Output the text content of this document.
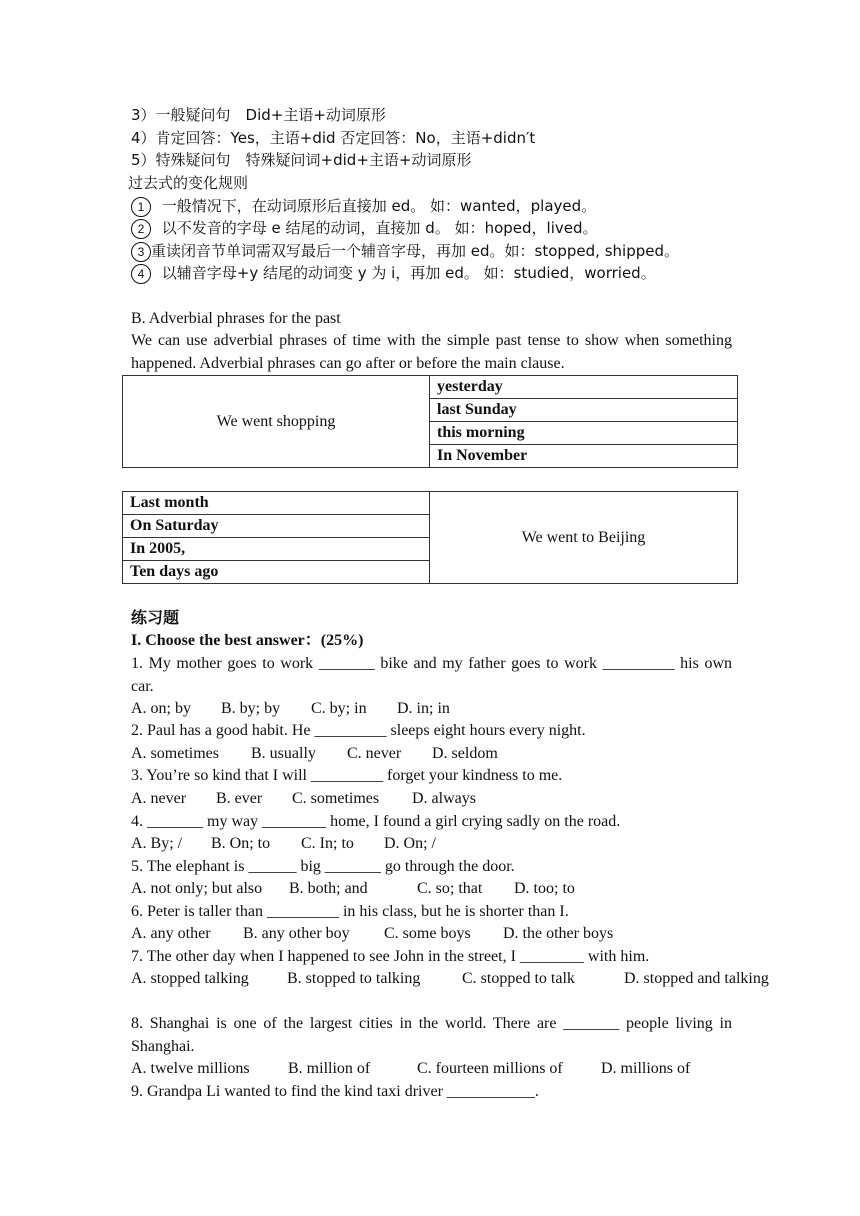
3）一般疑问句　Did+主语+动词原形
4）肯定回答：Yes，主语+did 否定回答：No，主语+didn′t
5）特殊疑问句　特殊疑问词+did+主语+动词原形
过去式的变化规则
1 一般情况下，在动词原形后直接加 ed。 如：wanted，played。
2 以不发音的字母 e 结尾的动词，直接加 d。 如：hoped，lived。
3 重读闭音节单词需双写最后一个辅音字母，再加 ed。如：stopped, shipped。
4 以辅音字母+y 结尾的动词变 y 为 i，再加 ed。 如：studied，worried。
B. Adverbial phrases for the past
We can use adverbial phrases of time with the simple past tense to show when something happened. Adverbial phrases can go after or before the main clause.
We went shopping	yesterday
last Sunday
this morning
In November
Last month	We went to Beijing
On Saturday
In 2005,
Ten days ago
练习题
I. Choose the best answer：(25%)
1. My mother goes to work _______ bike and my father goes to work _________ his own car.
A. on; by B. by; by C. by; in D. in; in
2. Paul has a good habit. He _________ sleeps eight hours every night.
A. sometimes B. usually C. never D. seldom
3. You’re so kind that I will _________ forget your kindness to me.
A. never B. ever C. sometimes D. always
4. _______ my way ________ home, I found a girl crying sadly on the road.
A. By; / B. On; to C. In; to D. On; /
5. The elephant is ______ big _______ go through the door.
A. not only; but also B. both; and	C. so; that D. too; to
6. Peter is taller than _________ in his class, but he is shorter than I.
A. any other B. any other boy C. some boys D. the other boys
7. The other day when I happened to see John in the street, I ________ with him.
A. stopped talking B. stopped to talking	C. stopped to talk	D. stopped and talking
8. Shanghai is one of the largest cities in the world. There are _______ people living in Shanghai.
A. twelve millions B. million of	C. fourteen millions of D. millions of
9. Grandpa Li wanted to find the kind taxi driver ___________.
